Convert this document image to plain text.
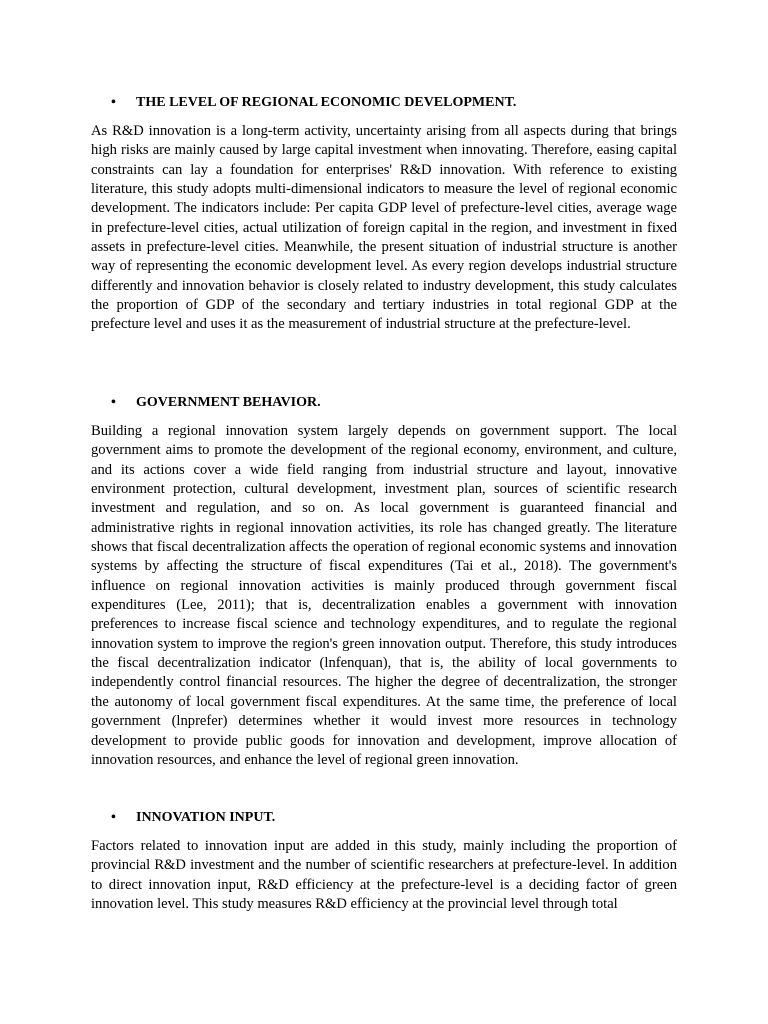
• THE LEVEL OF REGIONAL ECONOMIC DEVELOPMENT.

As R&D innovation is a long-term activity, uncertainty arising from all aspects during that brings high risks are mainly caused by large capital investment when innovating. Therefore, easing capital constraints can lay a foundation for enterprises' R&D innovation. With reference to existing literature, this study adopts multi-dimensional indicators to measure the level of regional economic development. The indicators include: Per capita GDP level of prefecture-level cities, average wage in prefecture-level cities, actual utilization of foreign capital in the region, and investment in fixed assets in prefecture-level cities. Meanwhile, the present situation of industrial structure is another way of representing the economic development level. As every region develops industrial structure differently and innovation behavior is closely related to industry development, this study calculates the proportion of GDP of the secondary and tertiary industries in total regional GDP at the prefecture level and uses it as the measurement of industrial structure at the prefecture-level.

• GOVERNMENT BEHAVIOR.

Building a regional innovation system largely depends on government support. The local government aims to promote the development of the regional economy, environment, and culture, and its actions cover a wide field ranging from industrial structure and layout, innovative environment protection, cultural development, investment plan, sources of scientific research investment and regulation, and so on. As local government is guaranteed financial and administrative rights in regional innovation activities, its role has changed greatly. The literature shows that fiscal decentralization affects the operation of regional economic systems and innovation systems by affecting the structure of fiscal expenditures (Tai et al., 2018). The government's influence on regional innovation activities is mainly produced through government fiscal expenditures (Lee, 2011); that is, decentralization enables a government with innovation preferences to increase fiscal science and technology expenditures, and to regulate the regional innovation system to improve the region's green innovation output. Therefore, this study introduces the fiscal decentralization indicator (lnfenquan), that is, the ability of local governments to independently control financial resources. The higher the degree of decentralization, the stronger the autonomy of local government fiscal expenditures. At the same time, the preference of local government (lnprefer) determines whether it would invest more resources in technology development to provide public goods for innovation and development, improve allocation of innovation resources, and enhance the level of regional green innovation.

• INNOVATION INPUT.

Factors related to innovation input are added in this study, mainly including the proportion of provincial R&D investment and the number of scientific researchers at prefecture-level. In addition to direct innovation input, R&D efficiency at the prefecture-level is a deciding factor of green innovation level. This study measures R&D efficiency at the provincial level through total
